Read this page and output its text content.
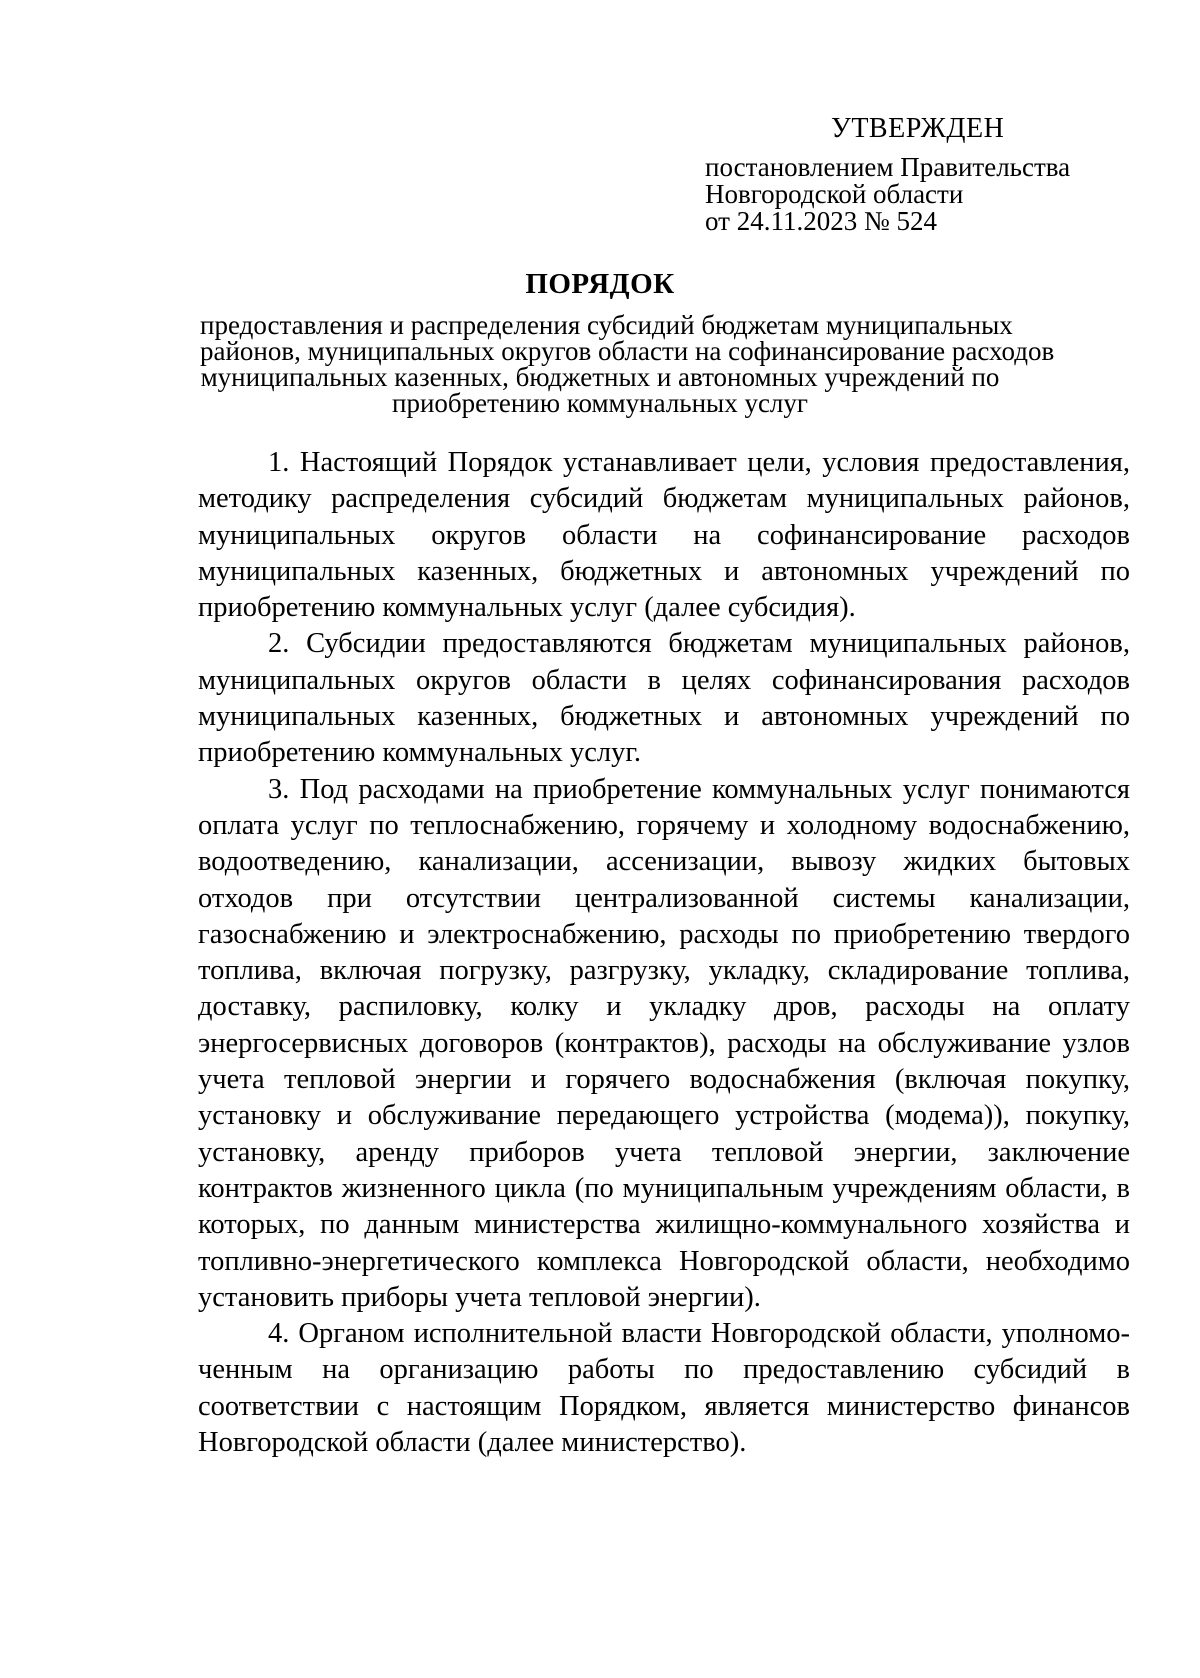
УТВЕРЖДЕН

постановлением Правительства

Новгородской области

от 24.11.2023 № 524

ПОРЯДОК

предоставления и распределения субсидий бюджетам муниципальных
районов, муниципальных округов области на софинансирование расходов
муниципальных казенных, бюджетных и автономных учреждений по
приобретению коммунальных услуг

1. Настоящий Порядок устанавливает цели, условия предоставления, методику распределения субсидий бюджетам муниципальных районов, муниципальных округов области на софинансирование расходов муниципальных казенных, бюджетных и автономных учреждений по приобретению коммунальных услуг (далее субсидия).

2. Субсидии предоставляются бюджетам муниципальных районов, муниципальных округов области в целях софинансирования расходов муниципальных казенных, бюджетных и автономных учреждений по приобретению коммунальных услуг.

3. Под расходами на приобретение коммунальных услуг понимаются оплата услуг по теплоснабжению, горячему и холодному водоснабжению, водоотведению, канализации, ассенизации, вывозу жидких бытовых отходов при отсутствии централизованной системы канализации, газоснабжению и электроснабжению, расходы по приобретению твердого топлива, включая погрузку, разгрузку, укладку, складирование топлива, доставку, распиловку, колку и укладку дров, расходы на оплату энергосервисных договоров (контрактов), расходы на обслуживание узлов учета тепловой энергии и горячего водоснабжения (включая покупку, установку и обслуживание передающего устройства (модема)), покупку, установку, аренду приборов учета тепловой энергии, заключение контрактов жизненного цикла (по муниципальным учреждениям области, в которых, по данным министерства жилищно-коммунального хозяйства и топливно-энергетического комплекса Новгородской области, необходимо установить приборы учета тепловой энергии).

4. Органом исполнительной власти Новгородской области, уполномоченным на организацию работы по предоставлению субсидий в соответствии с настоящим Порядком, является министерство финансов Новгородской области (далее министерство).
